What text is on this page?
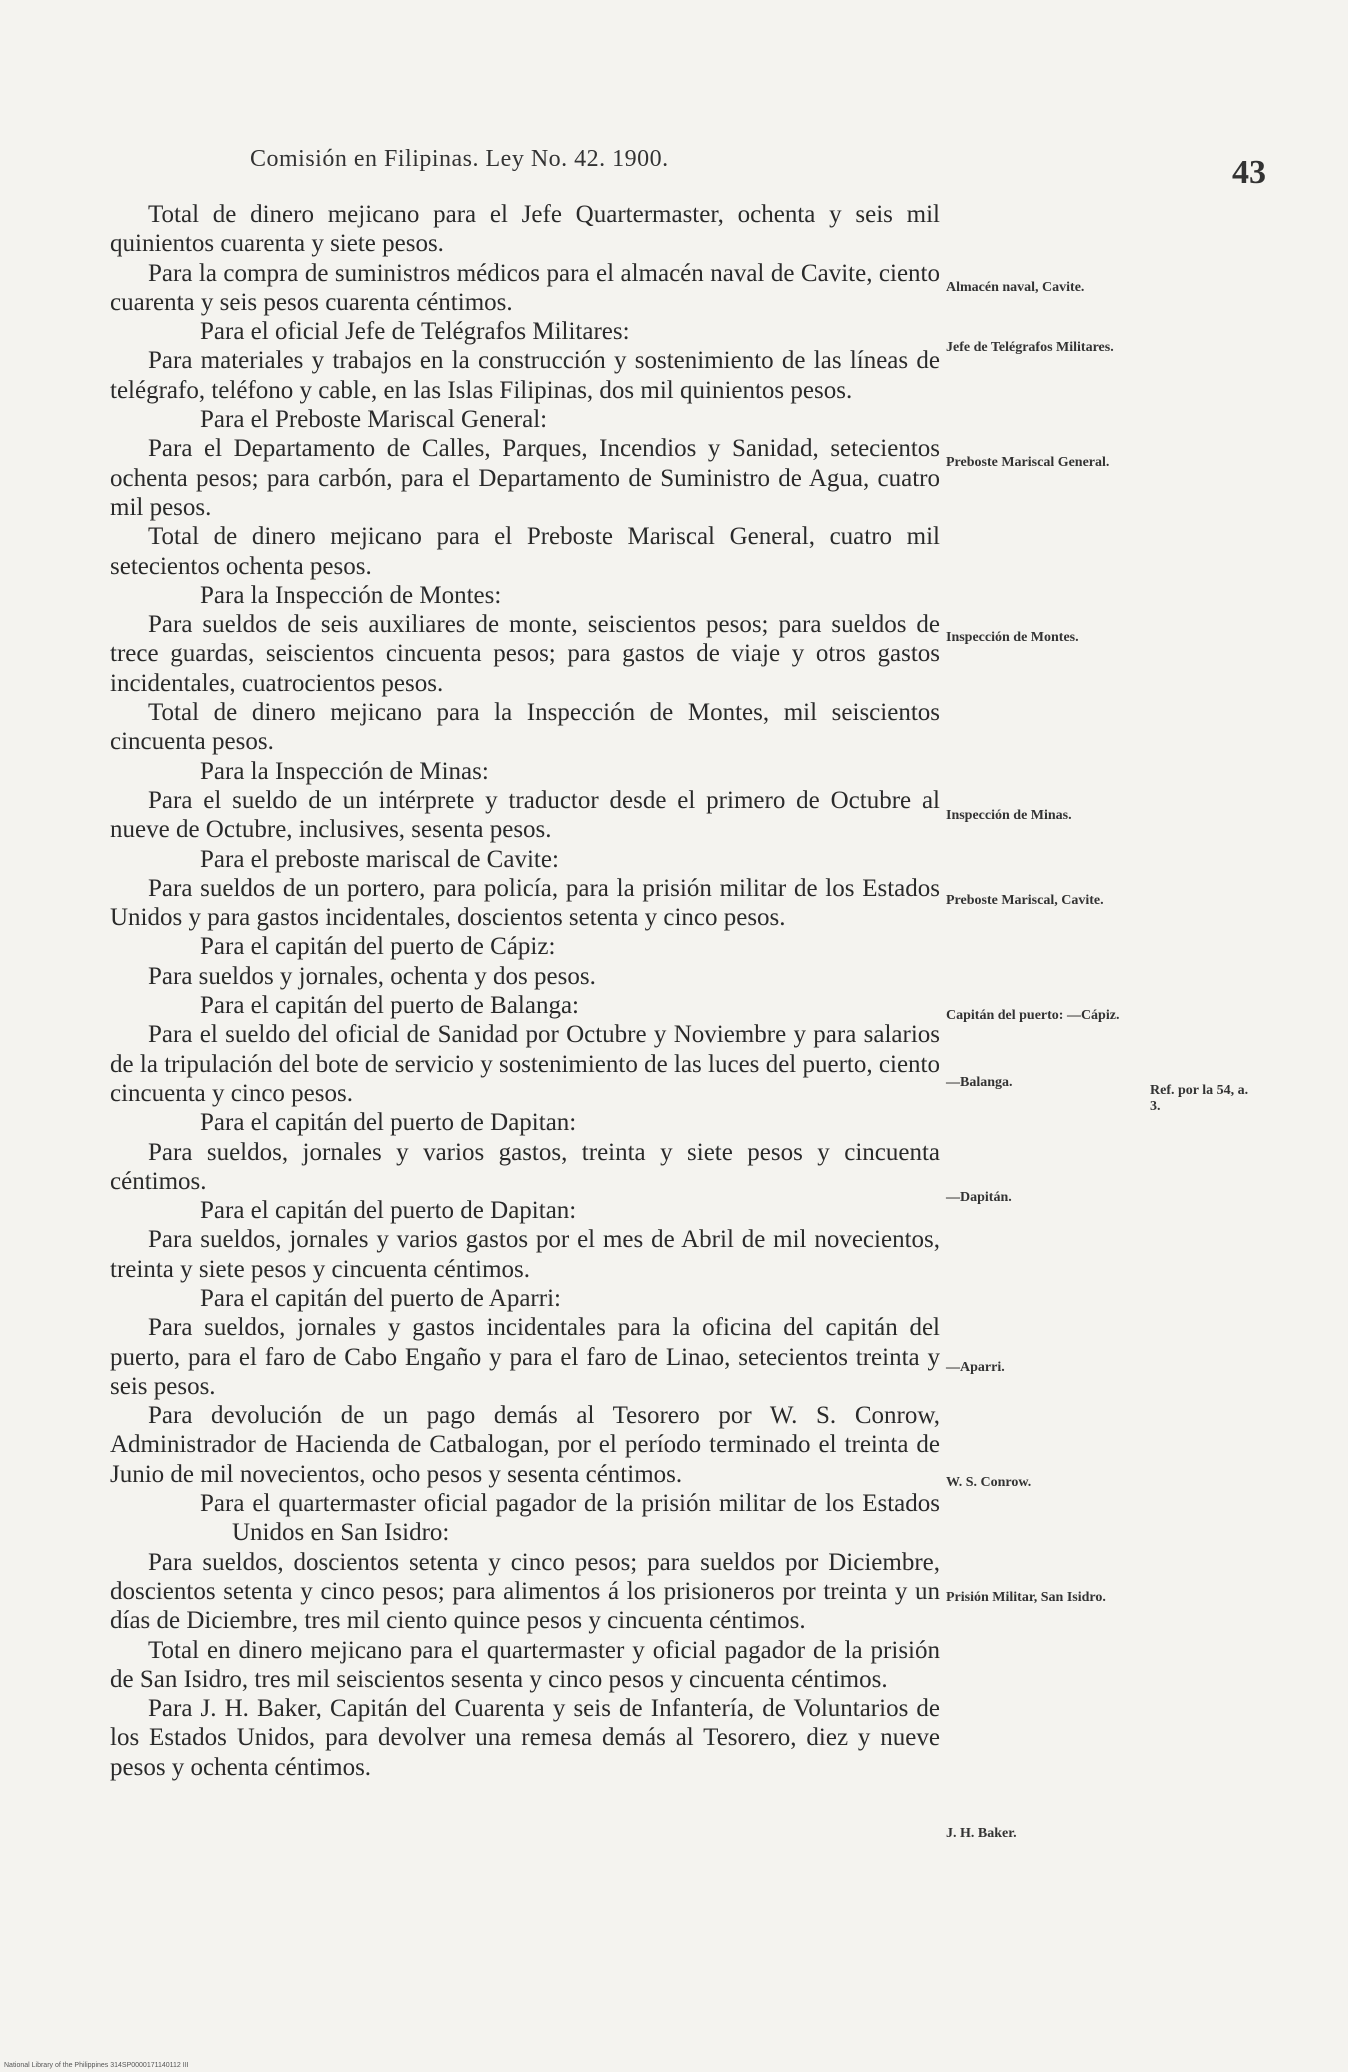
Comisión en Filipinas. Ley No. 42. 1900.	43

Total de dinero mejicano para el Jefe Quartermaster, ochenta y seis mil quinientos cuarenta y siete pesos.

Para la compra de suministros médicos para el almacén naval de Cavite, ciento cuarenta y seis pesos cuarenta céntimos.

Para el oficial Jefe de Telégrafos Militares:

Para materiales y trabajos en la construcción y sostenimiento de las líneas de telégrafo, teléfono y cable, en las Islas Filipinas, dos mil quinientos pesos.

Para el Preboste Mariscal General:

Para el Departamento de Calles, Parques, Incendios y Sanidad, setecientos ochenta pesos; para carbón, para el Departamento de Suministro de Agua, cuatro mil pesos.

Total de dinero mejicano para el Preboste Mariscal General, cuatro mil setecientos ochenta pesos.

Para la Inspección de Montes:

Para sueldos de seis auxiliares de monte, seiscientos pesos; para sueldos de trece guardas, seiscientos cincuenta pesos; para gastos de viaje y otros gastos incidentales, cuatrocientos pesos.

Total de dinero mejicano para la Inspección de Montes, mil seiscientos cincuenta pesos.

Para la Inspección de Minas:

Para el sueldo de un intérprete y traductor desde el primero de Octubre al nueve de Octubre, inclusives, sesenta pesos.

Para el preboste mariscal de Cavite:

Para sueldos de un portero, para policía, para la prisión militar de los Estados Unidos y para gastos incidentales, doscientos setenta y cinco pesos.

Para el capitán del puerto de Cápiz:

Para sueldos y jornales, ochenta y dos pesos.

Para el capitán del puerto de Balanga:

Para el sueldo del oficial de Sanidad por Octubre y Noviembre y para salarios de la tripulación del bote de servicio y sostenimiento de las luces del puerto, ciento cincuenta y cinco pesos.

Para el capitán del puerto de Dapitan:

Para sueldos, jornales y varios gastos, treinta y siete pesos y cincuenta céntimos.

Para el capitán del puerto de Dapitan:

Para sueldos, jornales y varios gastos por el mes de Abril de mil novecientos, treinta y siete pesos y cincuenta céntimos.

Para el capitán del puerto de Aparri:

Para sueldos, jornales y gastos incidentales para la oficina del capitán del puerto, para el faro de Cabo Engaño y para el faro de Linao, setecientos treinta y seis pesos.

Para devolución de un pago demás al Tesorero por W. S. Conrow, Administrador de Hacienda de Catbalogan, por el período terminado el treinta de Junio de mil novecientos, ocho pesos y sesenta céntimos.

Para el quartermaster oficial pagador de la prisión militar de los Estados Unidos en San Isidro:

Para sueldos, doscientos setenta y cinco pesos; para sueldos por Diciembre, doscientos setenta y cinco pesos; para alimentos á los prisioneros por treinta y un días de Diciembre, tres mil ciento quince pesos y cincuenta céntimos.

Total en dinero mejicano para el quartermaster y oficial pagador de la prisión de San Isidro, tres mil seiscientos sesenta y cinco pesos y cincuenta céntimos.

Para J. H. Baker, Capitán del Cuarenta y seis de Infantería, de Voluntarios de los Estados Unidos, para devolver una remesa demás al Tesorero, diez y nueve pesos y ochenta céntimos.

Almacén naval, Cavite.
Jefe de Telégrafos Militares.
Preboste Mariscal General.
Inspección de Montes.
Inspección de Minas.
Preboste Mariscal, Cavite.
Capitán del puerto: —Cápiz.
—Balanga.
—Dapitán.
—Aparri.
W. S. Conrow.
Prisión Militar, San Isidro.
J. H. Baker.
Ref. por la 54, a. 3.
National Library of the Philippines 314SP0000171140112 III
